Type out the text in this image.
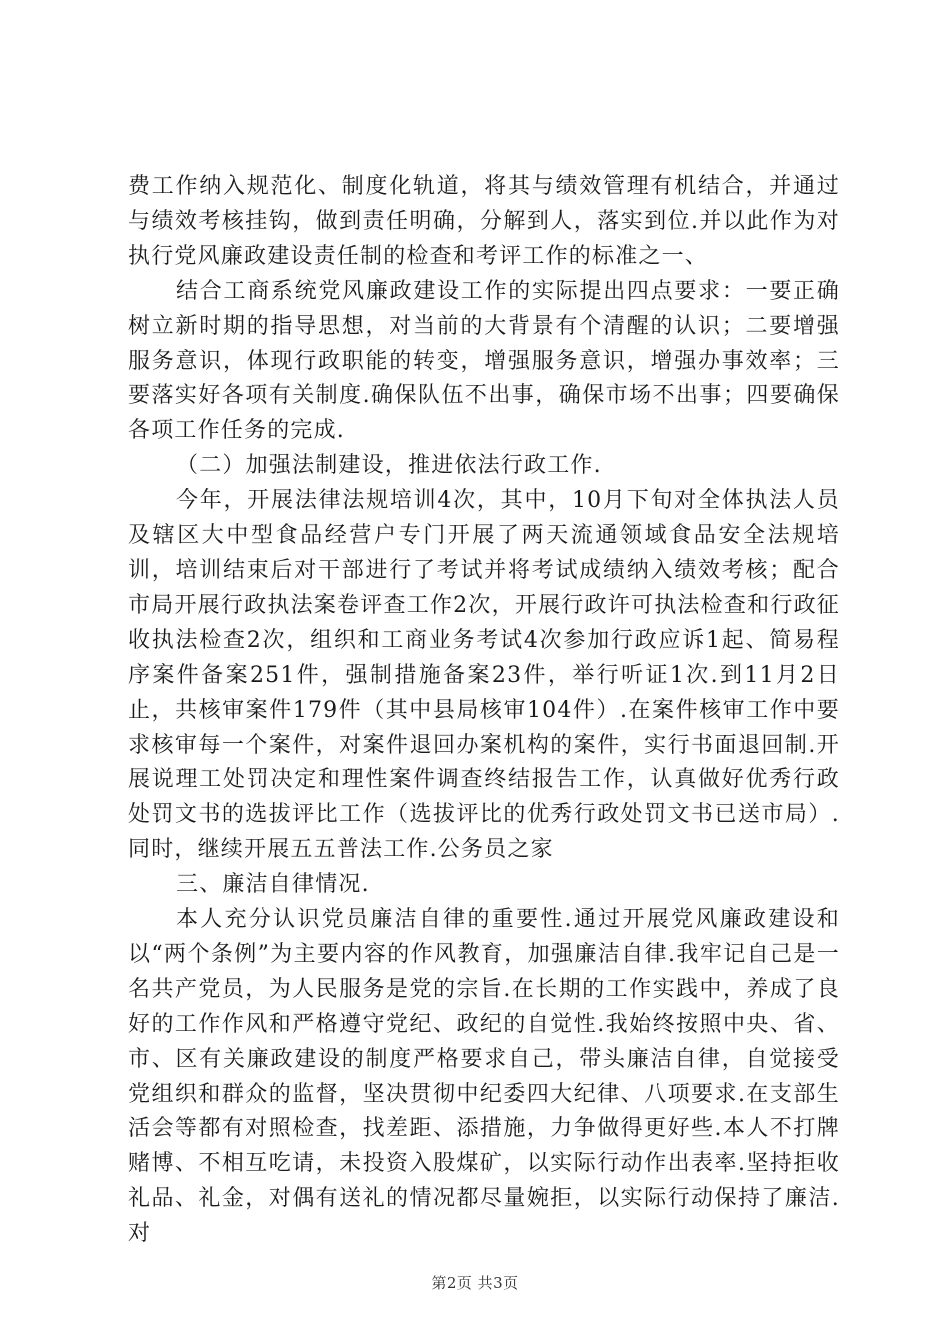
费工作纳入规范化、制度化轨道，将其与绩效管理有机结合，并通过与绩效考核挂钩，做到责任明确，分解到人，落实到位.并以此作为对执行党风廉政建设责任制的检查和考评工作的标准之一、

结合工商系统党风廉政建设工作的实际提出四点要求：一要正确树立新时期的指导思想，对当前的大背景有个清醒的认识；二要增强服务意识，体现行政职能的转变，增强服务意识，增强办事效率；三要落实好各项有关制度.确保队伍不出事，确保市场不出事；四要确保各项工作任务的完成.

（二）加强法制建设，推进依法行政工作.

今年，开展法律法规培训4次，其中，10月下旬对全体执法人员及辖区大中型食品经营户专门开展了两天流通领域食品安全法规培训，培训结束后对干部进行了考试并将考试成绩纳入绩效考核；配合市局开展行政执法案卷评查工作2次，开展行政许可执法检查和行政征收执法检查2次，组织和工商业务考试4次参加行政应诉1起、简易程序案件备案251件，强制措施备案23件，举行听证1次.到11月2日止，共核审案件179件（其中县局核审104件）.在案件核审工作中要求核审每一个案件，对案件退回办案机构的案件，实行书面退回制.开展说理工处罚决定和理性案件调查终结报告工作，认真做好优秀行政处罚文书的选拔评比工作（选拔评比的优秀行政处罚文书已送市局）.同时，继续开展五五普法工作.公务员之家

三、廉洁自律情况.

本人充分认识党员廉洁自律的重要性.通过开展党风廉政建设和以“两个条例”为主要内容的作风教育，加强廉洁自律.我牢记自己是一名共产党员，为人民服务是党的宗旨.在长期的工作实践中，养成了良好的工作作风和严格遵守党纪、政纪的自觉性.我始终按照中央、省、市、区有关廉政建设的制度严格要求自己，带头廉洁自律，自觉接受党组织和群众的监督，坚决贯彻中纪委四大纪律、八项要求.在支部生活会等都有对照检查，找差距、添措施，力争做得更好些.本人不打牌赌博、不相互吃请，未投资入股煤矿，以实际行动作出表率.坚持拒收礼品、礼金，对偶有送礼的情况都尽量婉拒，以实际行动保持了廉洁.对

第2页 共3页
